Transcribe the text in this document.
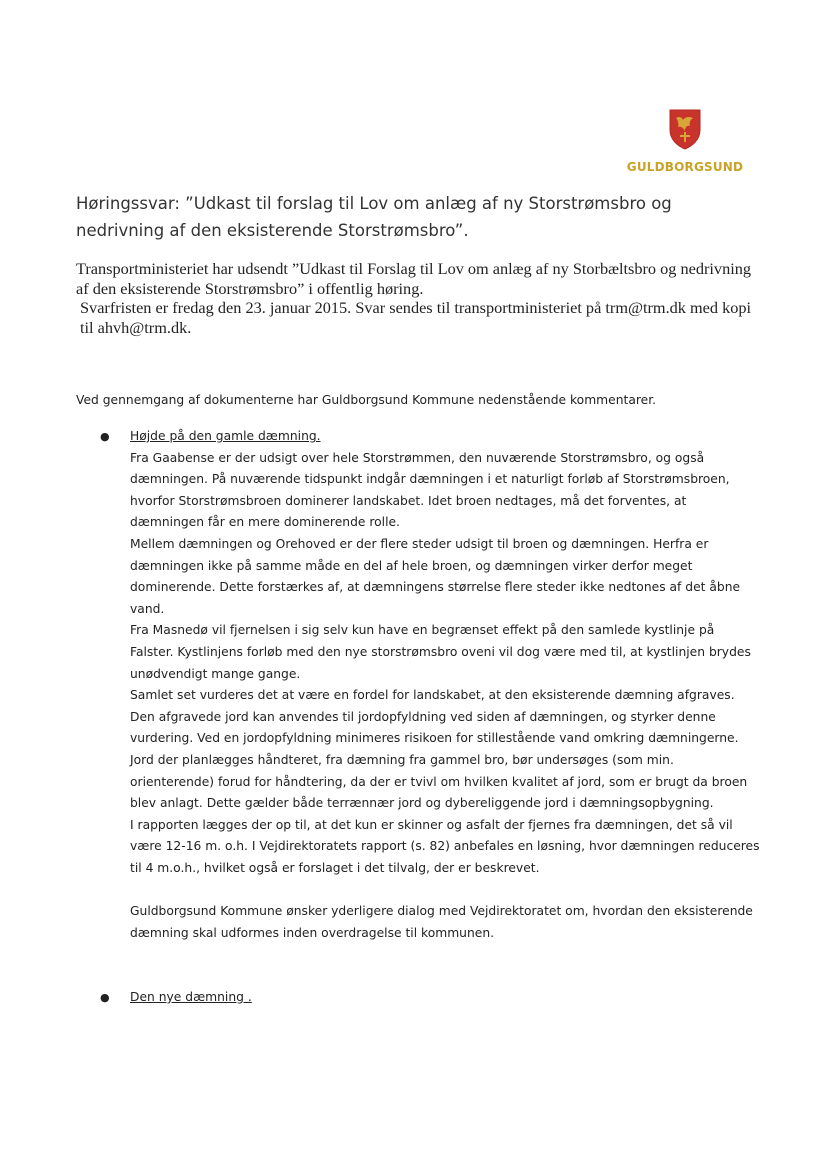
GULDBORGSUND
Høringssvar: ”Udkast til forslag til Lov om anlæg af ny Storstrømsbro og nedrivning af den eksisterende Storstrømsbro”.

Transportministeriet har udsendt ”Udkast til Forslag til Lov om anlæg af ny Storbæltsbro og nedrivning af den eksisterende Storstrømsbro” i offentlig høring.

Svarfristen er fredag den 23. januar 2015. Svar sendes til transportministeriet på trm@trm.dk med kopi til ahvh@trm.dk.

Ved gennemgang af dokumenterne har Guldborgsund Kommune nedenstående kommentarer.
●	Højde på den gamle dæmning.

Fra Gaabense er der udsigt over hele Storstrømmen, den nuværende Storstrømsbro, og også dæmningen. På nuværende tidspunkt indgår dæmningen i et naturligt forløb af Storstrømsbroen, hvorfor Storstrømsbroen dominerer landskabet. Idet broen nedtages, må det forventes, at dæmningen får en mere dominerende rolle.

Mellem dæmningen og Orehoved er der flere steder udsigt til broen og dæmningen. Herfra er dæmningen ikke på samme måde en del af hele broen, og dæmningen virker derfor meget dominerende. Dette forstærkes af, at dæmningens størrelse flere steder ikke nedtones af det åbne vand.

Fra Masnedø vil fjernelsen i sig selv kun have en begrænset effekt på den samlede kystlinje på Falster. Kystlinjens forløb med den nye storstrømsbro oveni vil dog være med til, at kystlinjen brydes unødvendigt mange gange.

Samlet set vurderes det at være en fordel for landskabet, at den eksisterende dæmning afgraves. Den afgravede jord kan anvendes til jordopfyldning ved siden af dæmningen, og styrker denne vurdering. Ved en jordopfyldning minimeres risikoen for stillestående vand omkring dæmningerne.

Jord der planlægges håndteret, fra dæmning fra gammel bro, bør undersøges (som min. orienterende) forud for håndtering, da der er tvivl om hvilken kvalitet af jord, som er brugt da broen blev anlagt. Dette gælder både terrænnær jord og dybereliggende jord i dæmningsopbygning.

I rapporten lægges der op til, at det kun er skinner og asfalt der fjernes fra dæmningen, det så vil være 12-16 m. o.h. I Vejdirektoratets rapport (s. 82) anbefales en løsning, hvor dæmningen reduceres til 4 m.o.h., hvilket også er forslaget i det tilvalg, der er beskrevet.

Guldborgsund Kommune ønsker yderligere dialog med Vejdirektoratet om, hvordan den eksisterende dæmning skal udformes inden overdragelse til kommunen.

●	Den nye dæmning .
